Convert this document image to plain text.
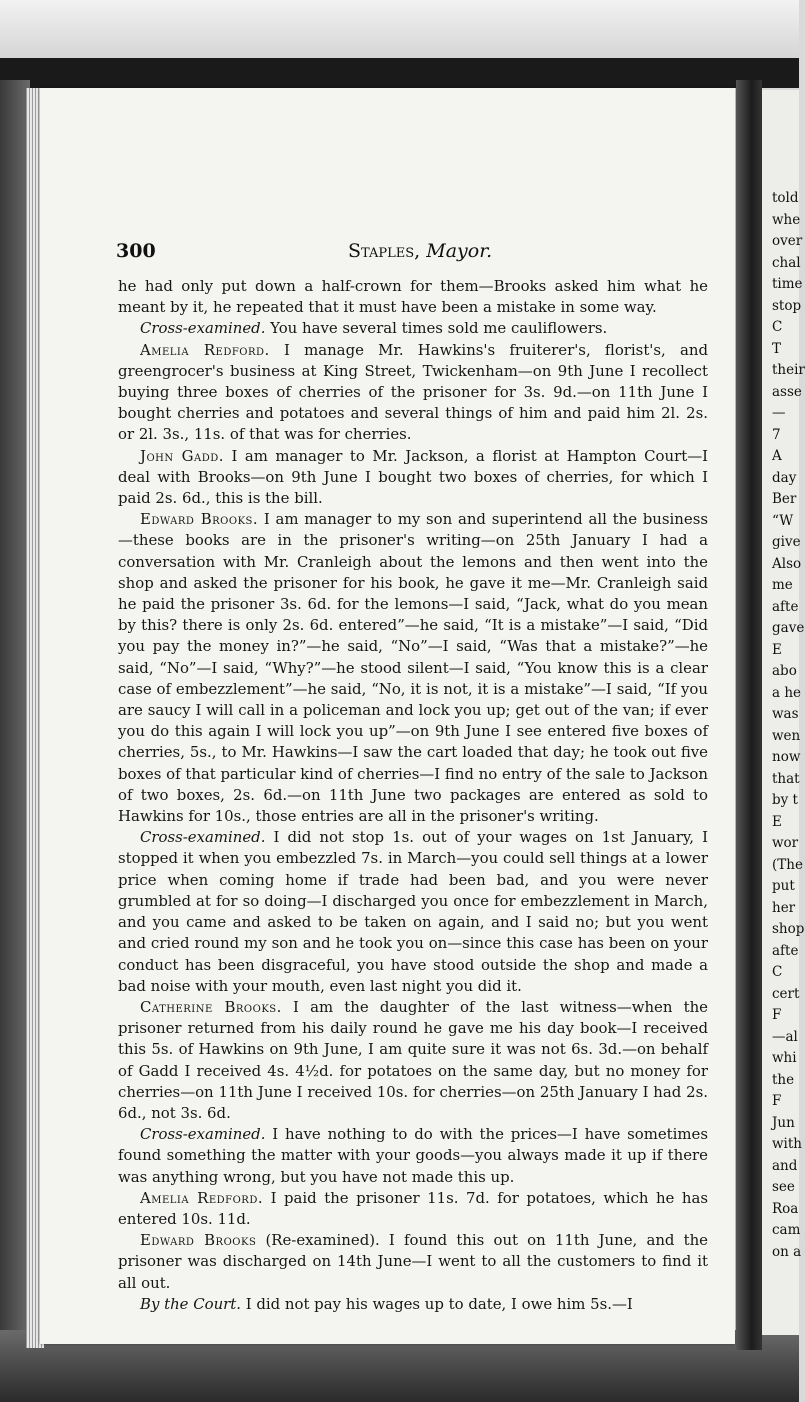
300	Staples, Mayor.

he had only put down a half-crown for them—Brooks asked him what he meant by it, he repeated that it must have been a mistake in some way.

Cross-examined. You have several times sold me cauliflowers.

Amelia Redford. I manage Mr. Hawkins's fruiterer's, florist's, and greengrocer's business at King Street, Twickenham—on 9th June I recollect buying three boxes of cherries of the prisoner for 3s. 9d.—on 11th June I bought cherries and potatoes and several things of him and paid him 2l. 2s. or 2l. 3s., 11s. of that was for cherries.

John Gadd. I am manager to Mr. Jackson, a florist at Hampton Court—I deal with Brooks—on 9th June I bought two boxes of cherries, for which I paid 2s. 6d., this is the bill.

Edward Brooks. I am manager to my son and superintend all the business—these books are in the prisoner's writing—on 25th January I had a conversation with Mr. Cranleigh about the lemons and then went into the shop and asked the prisoner for his book, he gave it me—Mr. Cranleigh said he paid the prisoner 3s. 6d. for the lemons—I said, “Jack, what do you mean by this? there is only 2s. 6d. entered”—he said, “It is a mistake”—I said, “Did you pay the money in?”—he said, “No”—I said, “Was that a mistake?”—he said, “No”—I said, “Why?”—he stood silent—I said, “You know this is a clear case of embezzlement”—he said, “No, it is not, it is a mistake”—I said, “If you are saucy I will call in a policeman and lock you up; get out of the van; if ever you do this again I will lock you up”—on 9th June I see entered five boxes of cherries, 5s., to Mr. Hawkins—I saw the cart loaded that day; he took out five boxes of that particular kind of cherries—I find no entry of the sale to Jackson of two boxes, 2s. 6d.—on 11th June two packages are entered as sold to Hawkins for 10s., those entries are all in the prisoner's writing.

Cross-examined. I did not stop 1s. out of your wages on 1st January, I stopped it when you embezzled 7s. in March—you could sell things at a lower price when coming home if trade had been bad, and you were never grumbled at for so doing—I discharged you once for embezzlement in March, and you came and asked to be taken on again, and I said no; but you went and cried round my son and he took you on—since this case has been on your conduct has been disgraceful, you have stood outside the shop and made a bad noise with your mouth, even last night you did it.

Catherine Brooks. I am the daughter of the last witness—when the prisoner returned from his daily round he gave me his day book—I received this 5s. of Hawkins on 9th June, I am quite sure it was not 6s. 3d.—on behalf of Gadd I received 4s. 4½d. for potatoes on the same day, but no money for cherries—on 11th June I received 10s. for cherries—on 25th January I had 2s. 6d., not 3s. 6d.

Cross-examined. I have nothing to do with the prices—I have sometimes found something the matter with your goods—you always made it up if there was anything wrong, but you have not made this up.

Amelia Redford. I paid the prisoner 11s. 7d. for potatoes, which he has entered 10s. 11d.

Edward Brooks (Re-examined). I found this out on 11th June, and the prisoner was discharged on 14th June—I went to all the customers to find it all out.

By the Court. I did not pay his wages up to date, I owe him 5s.—I

told
whe
over
chal
time
stop
C
T
their
asse
—
7
A
day
Ber
“W
give
Also
me
afte
gave
E
abo
a he
was
wen
now
that
by t
E
wor
(The
put
her
shop
afte
C
cert
F
—al
whi
the
F
Jun
with
and
see
Roa
cam
on a
